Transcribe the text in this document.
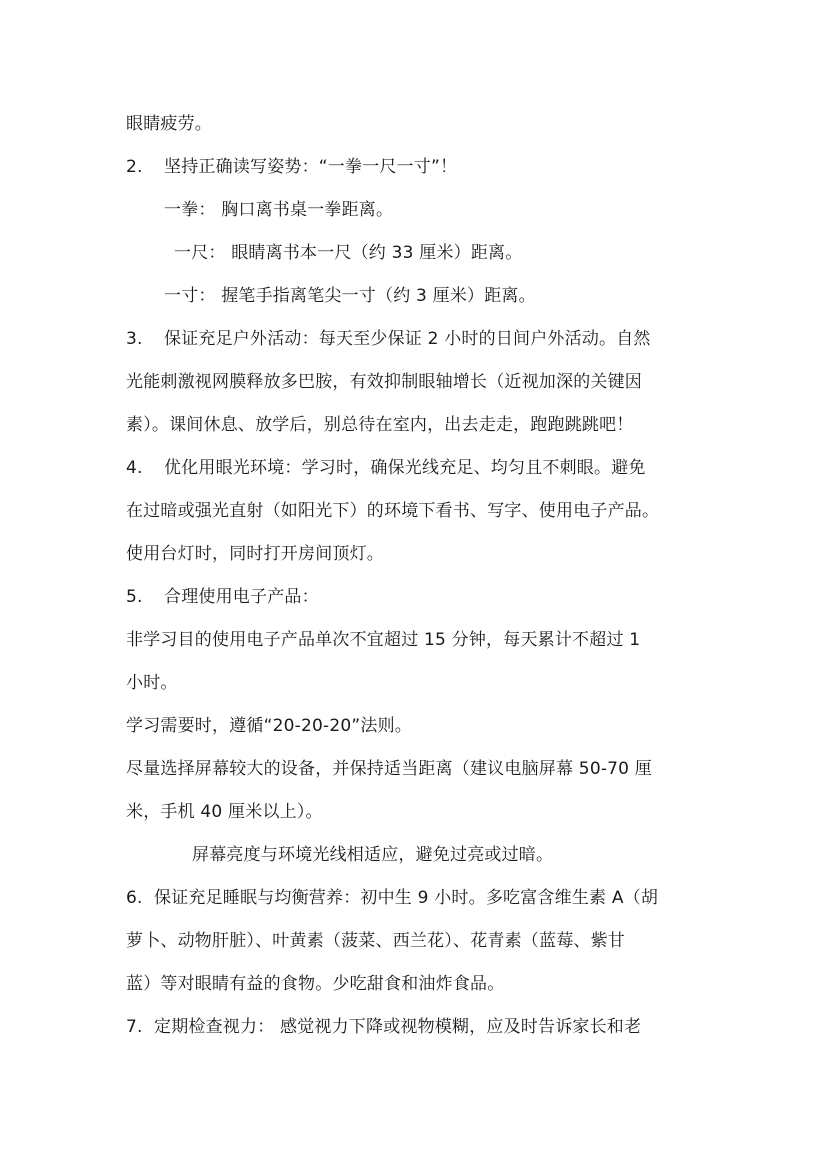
眼睛疲劳。

2. 坚持正确读写姿势：“一拳一尺一寸”！

一拳： 胸口离书桌一拳距离。

一尺： 眼睛离书本一尺（约 33 厘米）距离。

一寸： 握笔手指离笔尖一寸（约 3 厘米）距离。

3. 保证充足户外活动：每天至少保证 2 小时的日间户外活动。自然

光能刺激视网膜释放多巴胺，有效抑制眼轴增长（近视加深的关键因

素）。课间休息、放学后，别总待在室内，出去走走，跑跑跳跳吧！

4. 优化用眼光环境：学习时，确保光线充足、均匀且不刺眼。避免

在过暗或强光直射（如阳光下）的环境下看书、写字、使用电子产品。

使用台灯时，同时打开房间顶灯。

5. 合理使用电子产品：

非学习目的使用电子产品单次不宜超过 15 分钟，每天累计不超过 1

小时。

学习需要时，遵循“20-20-20”法则。

尽量选择屏幕较大的设备，并保持适当距离（建议电脑屏幕 50-70 厘

米，手机 40 厘米以上）。

屏幕亮度与环境光线相适应，避免过亮或过暗。

6. 保证充足睡眠与均衡营养：初中生 9 小时。多吃富含维生素 A（胡

萝卜、动物肝脏）、叶黄素（菠菜、西兰花）、花青素（蓝莓、紫甘

蓝）等对眼睛有益的食物。少吃甜食和油炸食品。

7. 定期检查视力： 感觉视力下降或视物模糊，应及时告诉家长和老
